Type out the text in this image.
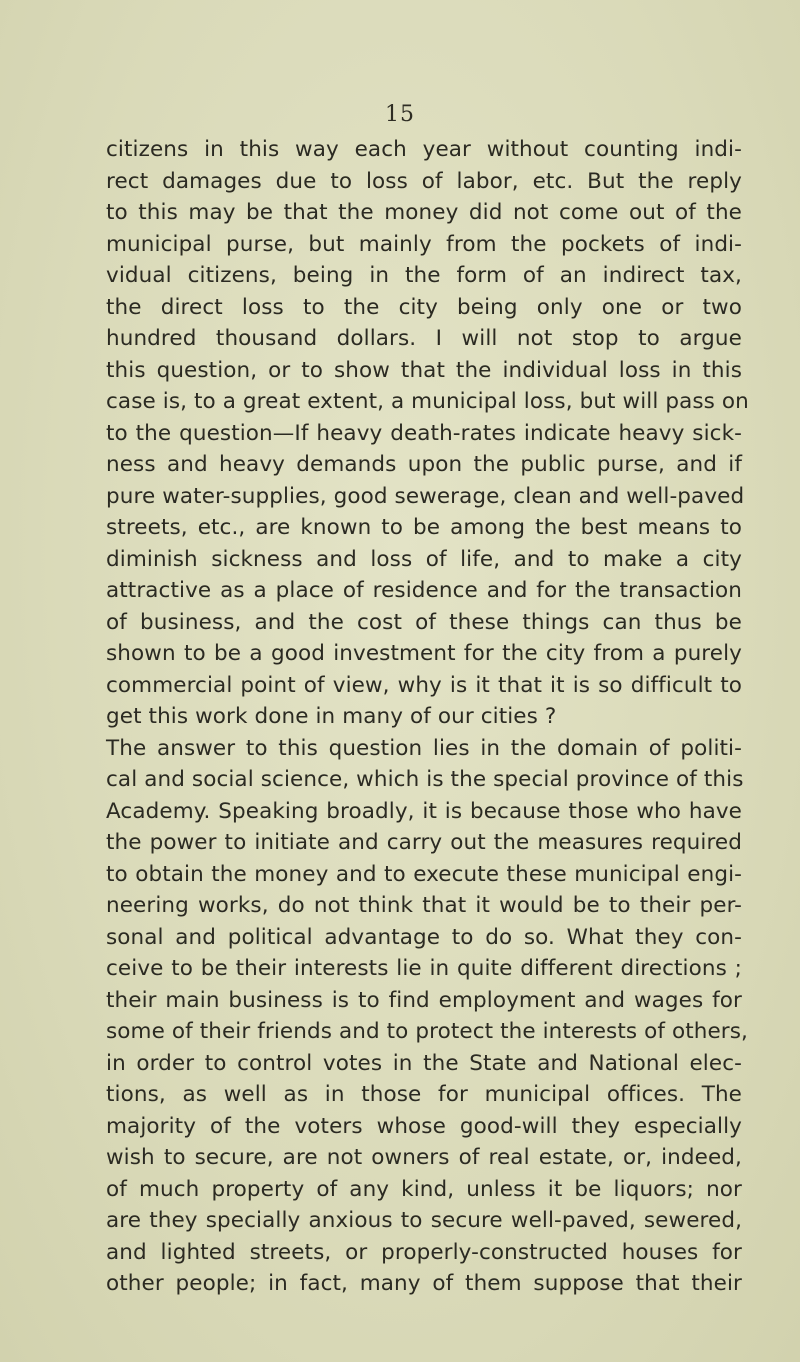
15
citizens in this way each year without counting indi-
rect damages due to loss of labor, etc. But the reply
to this may be that the money did not come out of the
municipal purse, but mainly from the pockets of indi-
vidual citizens, being in the form of an indirect tax,
the direct loss to the city being only one or two
hundred thousand dollars. I will not stop to argue
this question, or to show that the individual loss in this
case is, to a great extent, a municipal loss, but will pass on
to the question—If heavy death-rates indicate heavy sick-
ness and heavy demands upon the public purse, and if
pure water-supplies, good sewerage, clean and well-paved
streets, etc., are known to be among the best means to
diminish sickness and loss of life, and to make a city
attractive as a place of residence and for the transaction
of business, and the cost of these things can thus be
shown to be a good investment for the city from a purely
commercial point of view, why is it that it is so difficult to
get this work done in many of our cities ?
The answer to this question lies in the domain of politi-
cal and social science, which is the special province of this
Academy. Speaking broadly, it is because those who have
the power to initiate and carry out the measures required
to obtain the money and to execute these municipal engi-
neering works, do not think that it would be to their per-
sonal and political advantage to do so. What they con-
ceive to be their interests lie in quite different directions ;
their main business is to find employment and wages for
some of their friends and to protect the interests of others,
in order to control votes in the State and National elec-
tions, as well as in those for municipal offices. The
majority of the voters whose good-will they especially
wish to secure, are not owners of real estate, or, indeed,
of much property of any kind, unless it be liquors; nor
are they specially anxious to secure well-paved, sewered,
and lighted streets, or properly-constructed houses for
other people; in fact, many of them suppose that their
